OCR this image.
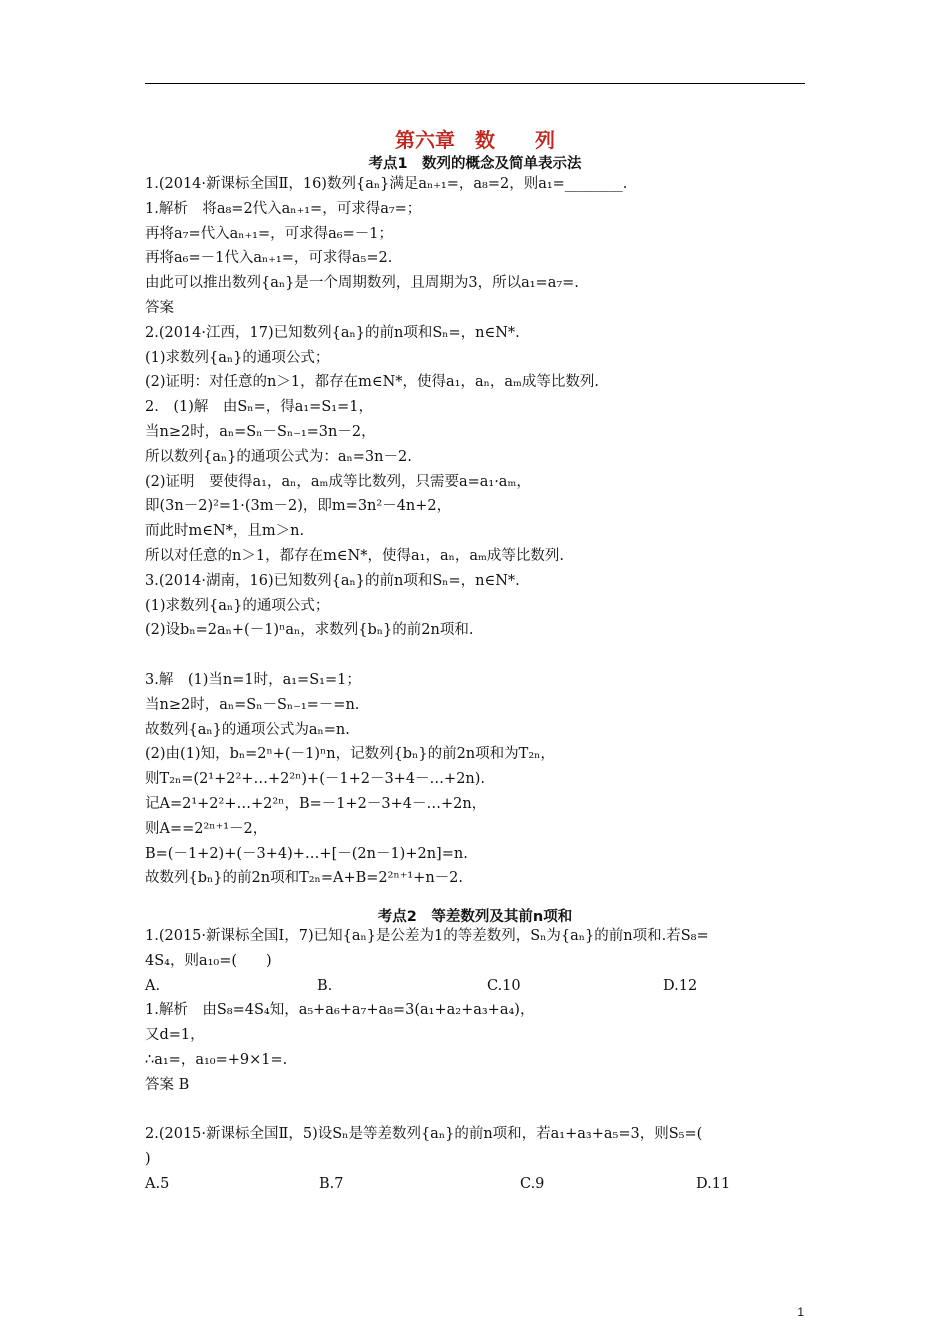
第六章　数　　列
考点1　数列的概念及简单表示法
1.(2014·新课标全国Ⅱ，16)数列{aₙ}满足aₙ₊₁=，a₈=2，则a₁=________.
1.解析　将a₈=2代入aₙ₊₁=，可求得a₇=；
再将a₇=代入aₙ₊₁=，可求得a₆=－1；
再将a₆=－1代入aₙ₊₁=，可求得a₅=2.
由此可以推出数列{aₙ}是一个周期数列，且周期为3，所以a₁=a₇=.
答案
2.(2014·江西，17)已知数列{aₙ}的前n项和Sₙ=，n∈N*.
(1)求数列{aₙ}的通项公式；
(2)证明：对任意的n＞1，都存在m∈N*，使得a₁，aₙ，aₘ成等比数列.
2.　(1)解　由Sₙ=，得a₁=S₁=1，
当n≥2时，aₙ=Sₙ－Sₙ₋₁=3n－2，
所以数列{aₙ}的通项公式为：aₙ=3n－2.
(2)证明　要使得a₁，aₙ，aₘ成等比数列，只需要a=a₁·aₘ，
即(3n－2)²=1·(3m－2)，即m=3n²－4n+2，
而此时m∈N*，且m＞n.
所以对任意的n＞1，都存在m∈N*，使得a₁，aₙ，aₘ成等比数列.
3.(2014·湖南，16)已知数列{aₙ}的前n项和Sₙ=，n∈N*.
(1)求数列{aₙ}的通项公式；
(2)设bₙ=2aₙ+(－1)ⁿaₙ，求数列{bₙ}的前2n项和.
3.解　(1)当n=1时，a₁=S₁=1；
当n≥2时，aₙ=Sₙ－Sₙ₋₁=－=n.
故数列{aₙ}的通项公式为aₙ=n.
(2)由(1)知，bₙ=2ⁿ+(－1)ⁿn，记数列{bₙ}的前2n项和为T₂ₙ，
则T₂ₙ=(2¹+2²+…+2²ⁿ)+(－1+2－3+4－…+2n).
记A=2¹+2²+…+2²ⁿ，B=－1+2－3+4－…+2n，
则A==2²ⁿ⁺¹－2，
B=(－1+2)+(－3+4)+…+[－(2n－1)+2n]=n.
故数列{bₙ}的前2n项和T₂ₙ=A+B=2²ⁿ⁺¹+n－2.
考点2　等差数列及其前n项和
1.(2015·新课标全国Ⅰ，7)已知{aₙ}是公差为1的等差数列，Sₙ为{aₙ}的前n项和.若S₈=
4S₄，则a₁₀=(　　)
A.	B.	C.10	D.12
1.解析　由S₈=4S₄知，a₅+a₆+a₇+a₈=3(a₁+a₂+a₃+a₄)，
又d=1，
∴a₁=，a₁₀=+9×1=.
答案 B
2.(2015·新课标全国Ⅱ，5)设Sₙ是等差数列{aₙ}的前n项和，若a₁+a₃+a₅=3，则S₅=(
)
A.5	B.7	C.9	D.11
1
